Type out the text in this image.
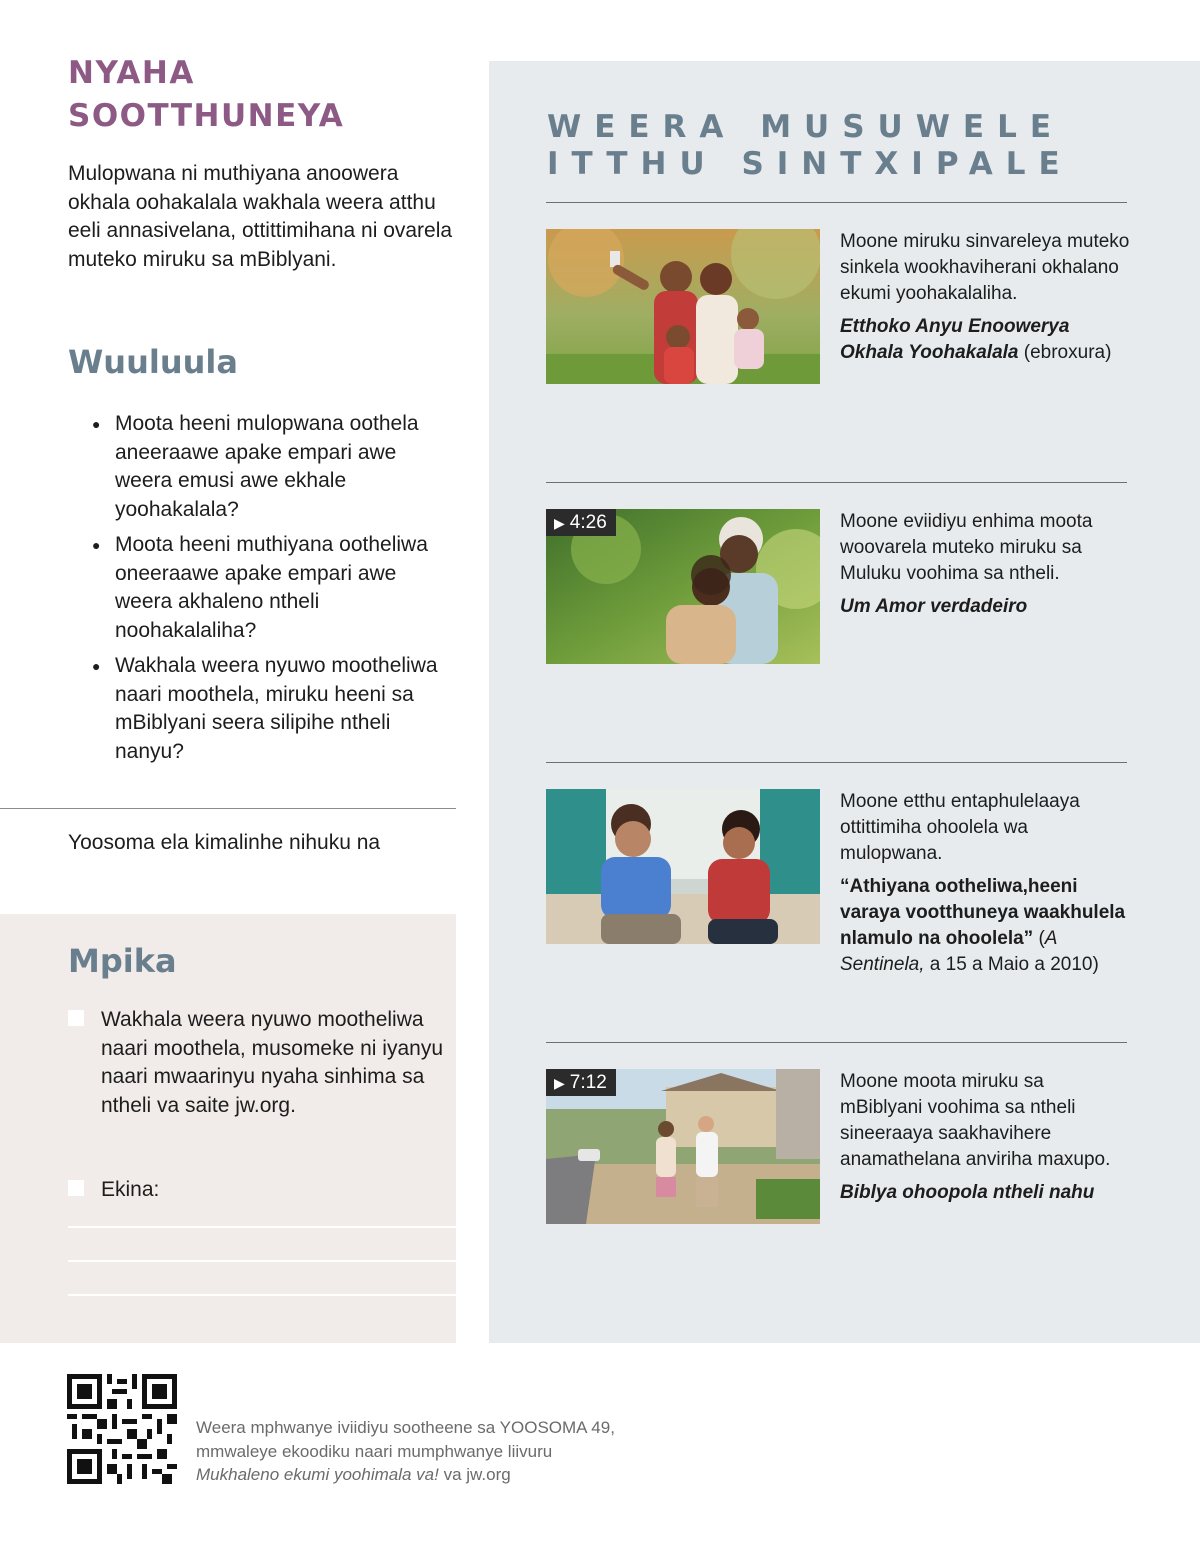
NYAHA
SOOTTHUNEYA

Mulopwana ni muthiyana anoowera okhala oohakalala wakhala weera atthu eeli annasivelana, ottittimihana ni ovarela muteko miruku sa mBiblyani.

Wuuluula
● Moota heeni mulopwana oothela aneeraawe apake empari awe weera emusi awe ekhale yoohakalala?
● Moota heeni muthiyana ootheliwa oneeraawe apake empari awe weera akhaleno ntheli noohakalaliha?
● Wakhala weera nyuwo mootheliwa naari moothela, miruku heeni sa mBiblyani seera silipihe ntheli nanyu?

Yoosoma ela kimalinhe nihuku na

Mpika
Wakhala weera nyuwo mootheliwa naari moothela, musomeke ni iyanyu naari mwaarinyu nyaha sinhima sa ntheli va saite jw.org.
Ekina:
WEERA MUSUWELE
ITTHU SINTXIPALE

Moone miruku sinvareleya muteko sinkela wookhaviherani okhalano ekumi yoohakalaliha.

Etthoko Anyu Enoowerya Okhala Yoohakalala (ebroxura)

▶ 4:26	Moone eviidiyu enhima moota woovarela muteko miruku sa Muluku voohima sa ntheli.

Um Amor verdadeiro

Moone etthu entaphulelaaya ottittimiha ohoolela wa mulopwana.

“Athiyana ootheliwa,heeni varaya vootthuneya waakhulela nlamulo na ohoolela” (A Sentinela, a 15 a Maio a 2010)

▶ 7:12	Moone moota miruku sa mBiblyani voohima sa ntheli sineeraaya saakhavihere anamathelana anviriha maxupo.

Biblya ohoopola ntheli nahu

Weera mphwanye iviidiyu sootheene sa YOOSOMA 49,
mmwaleye ekoodiku naari mumphwanye liivuru
Mukhaleno ekumi yoohimala va! va jw.org
